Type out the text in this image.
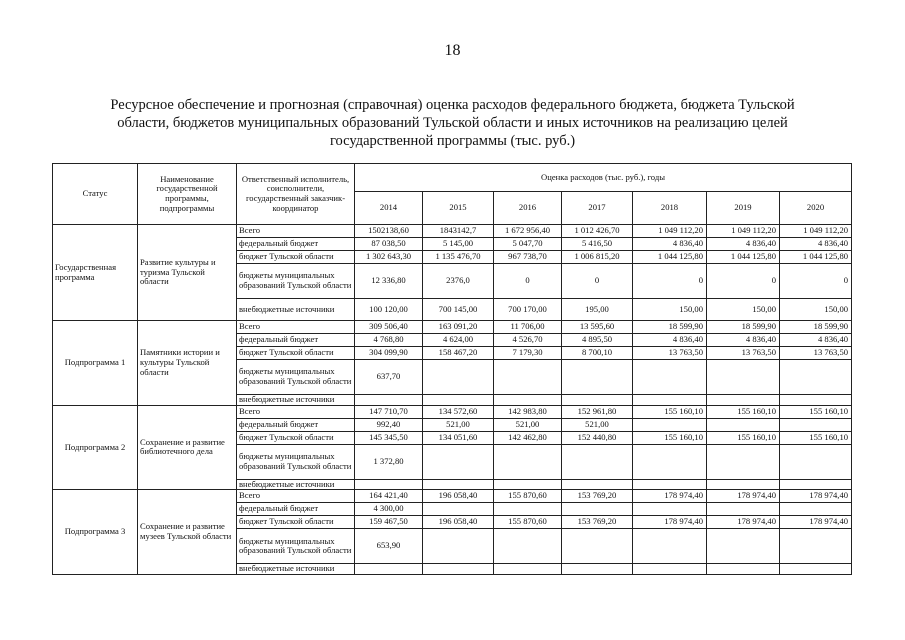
18
Ресурсное обеспечение и прогнозная (справочная) оценка расходов федерального бюджета, бюджета Тульской
области, бюджетов муниципальных образований Тульской области и иных источников на реализацию целей
государственной программы (тыс. руб.)
Статус	Наименование государственной программы, подпрограммы	Ответственный исполнитель, соисполнители, государственный заказчик-координатор	Оценка расходов (тыс. руб.), годы						
			2014	2015	2016	2017	2018	2019	2020
Государственная программа	Развитие культуры и туризма Тульской области	Всего	1502138,60	1843142,7	1 672 956,40	1 012 426,70	1 049 112,20	1 049 112,20	1 049 112,20
		федеральный бюджет	87 038,50	5 145,00	5 047,70	5 416,50	4 836,40	4 836,40	4 836,40
		бюджет Тульской области	1 302 643,30	1 135 476,70	967 738,70	1 006 815,20	1 044 125,80	1 044 125,80	1 044 125,80
		бюджеты муниципальных образований Тульской области	12 336,80	2376,0	0	0	0	0	0
		внебюджетные источники	100 120,00	700 145,00	700 170,00	195,00	150,00	150,00	150,00
Подпрограмма 1	Памятники истории и культуры Тульской области	Всего	309 506,40	163 091,20	11 706,00	13 595,60	18 599,90	18 599,90	18 599,90
		федеральный бюджет	4 768,80	4 624,00	4 526,70	4 895,50	4 836,40	4 836,40	4 836,40
		бюджет Тульской области	304 099,90	158 467,20	7 179,30	8 700,10	13 763,50	13 763,50	13 763,50
		бюджеты муниципальных образований Тульской области	637,70						
		внебюджетные источники							
Подпрограмма 2	Сохранение и развитие библиотечного дела	Всего	147 710,70	134 572,60	142 983,80	152 961,80	155 160,10	155 160,10	155 160,10
		федеральный бюджет	992,40	521,00	521,00	521,00			
		бюджет Тульской области	145 345,50	134 051,60	142 462,80	152 440,80	155 160,10	155 160,10	155 160,10
		бюджеты муниципальных образований Тульской области	1 372,80						
		внебюджетные источники							
Подпрограмма 3	Сохранение и развитие музеев Тульской области	Всего	164 421,40	196 058,40	155 870,60	153 769,20	178 974,40	178 974,40	178 974,40
		федеральный бюджет	4 300,00						
		бюджет Тульской области	159 467,50	196 058,40	155 870,60	153 769,20	178 974,40	178 974,40	178 974,40
		бюджеты муниципальных образований Тульской области	653,90						
		внебюджетные источники							
